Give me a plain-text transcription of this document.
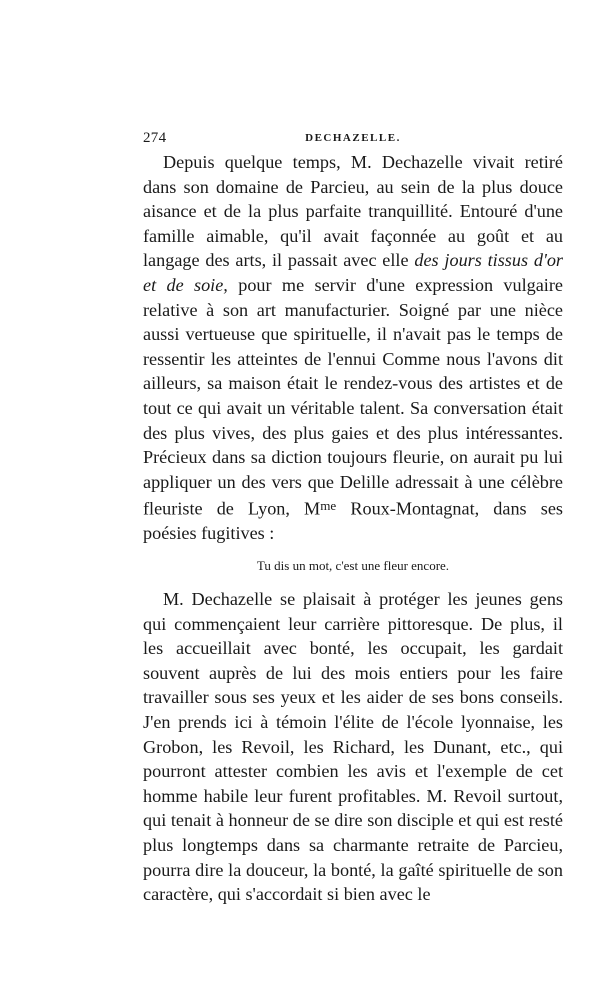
274	DECHAZELLE.

Depuis quelque temps, M. Dechazelle vivait retiré dans son domaine de Parcieu, au sein de la plus douce aisance et de la plus parfaite tranquillité. Entouré d'une famille aimable, qu'il avait façonnée au goût et au langage des arts, il passait avec elle des jours tissus d'or et de soie, pour me servir d'une expression vulgaire relative à son art manufacturier. Soigné par une nièce aussi vertueuse que spirituelle, il n'avait pas le temps de ressentir les atteintes de l'ennui Comme nous l'avons dit ailleurs, sa maison était le rendez-vous des artistes et de tout ce qui avait un véritable talent. Sa conversation était des plus vives, des plus gaies et des plus intéressantes. Précieux dans sa diction toujours fleurie, on aurait pu lui appliquer un des vers que Delille adressait à une célèbre fleuriste de Lyon, $M^{me}$ Roux-Montagnat, dans ses poésies fugitives :

Tu dis un mot, c'est une fleur encore.

M. Dechazelle se plaisait à protéger les jeunes gens qui commençaient leur carrière pittoresque. De plus, il les accueillait avec bonté, les occupait, les gardait souvent auprès de lui des mois entiers pour les faire travailler sous ses yeux et les aider de ses bons conseils. J'en prends ici à témoin l'élite de l'école lyonnaise, les Grobon, les Revoil, les Richard, les Dunant, etc., qui pourront attester combien les avis et l'exemple de cet homme habile leur furent profitables. M. Revoil surtout, qui tenait à honneur de se dire son disciple et qui est resté plus longtemps dans sa charmante retraite de Parcieu, pourra dire la douceur, la bonté, la gaîté spirituelle de son caractère, qui s'accordait si bien avec le
